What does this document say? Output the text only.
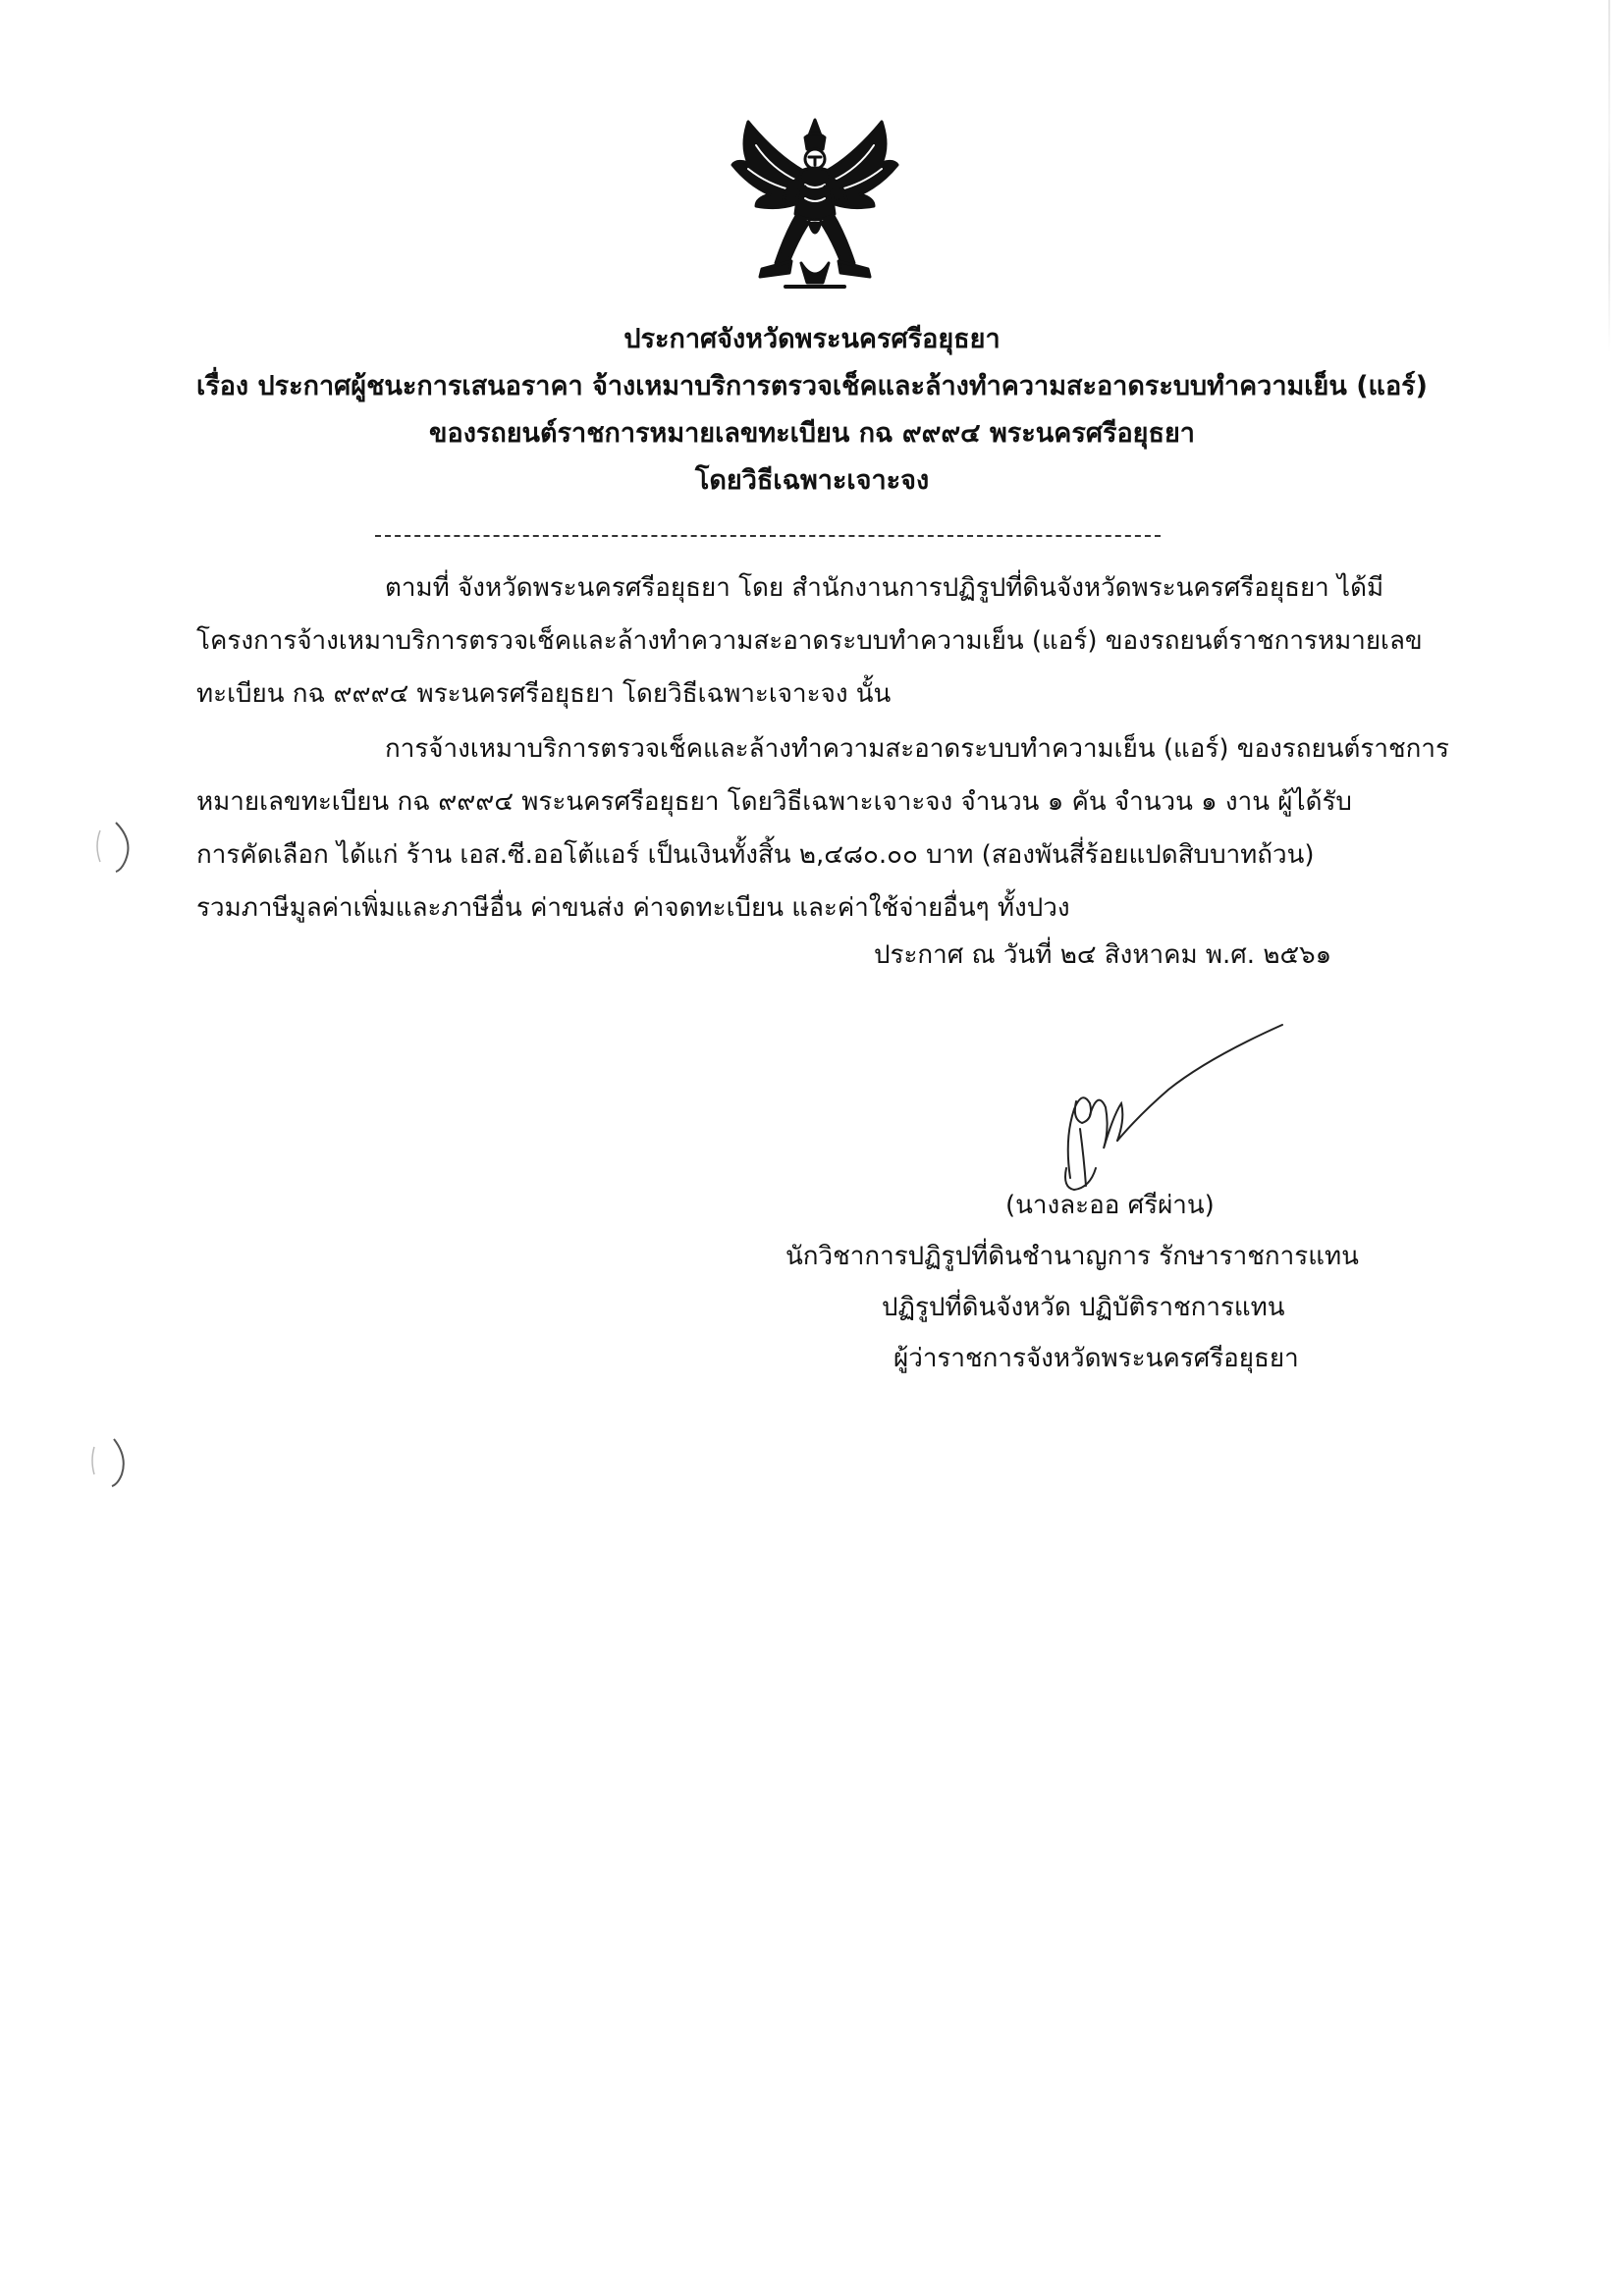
ประกาศจังหวัดพระนครศรีอยุธยา
เรื่อง ประกาศผู้ชนะการเสนอราคา จ้างเหมาบริการตรวจเช็คและล้างทำความสะอาดระบบทำความเย็น (แอร์)
ของรถยนต์ราชการหมายเลขทะเบียน กฉ ๙๙๙๔ พระนครศรีอยุธยา
โดยวิธีเฉพาะเจาะจง
ตามที่ จังหวัดพระนครศรีอยุธยา โดย สำนักงานการปฏิรูปที่ดินจังหวัดพระนครศรีอยุธยา ได้มี
โครงการจ้างเหมาบริการตรวจเช็คและล้างทำความสะอาดระบบทำความเย็น (แอร์) ของรถยนต์ราชการหมายเลข
ทะเบียน กฉ ๙๙๙๔ พระนครศรีอยุธยา โดยวิธีเฉพาะเจาะจง นั้น
การจ้างเหมาบริการตรวจเช็คและล้างทำความสะอาดระบบทำความเย็น (แอร์) ของรถยนต์ราชการ
หมายเลขทะเบียน กฉ ๙๙๙๔ พระนครศรีอยุธยา โดยวิธีเฉพาะเจาะจง จำนวน ๑ คัน จำนวน ๑ งาน ผู้ได้รับ
การคัดเลือก ได้แก่ ร้าน เอส.ซี.ออโต้แอร์ เป็นเงินทั้งสิ้น ๒,๔๘๐.๐๐ บาท (สองพันสี่ร้อยแปดสิบบาทถ้วน)
รวมภาษีมูลค่าเพิ่มและภาษีอื่น ค่าขนส่ง ค่าจดทะเบียน และค่าใช้จ่ายอื่นๆ ทั้งปวง
ประกาศ ณ วันที่ ๒๔ สิงหาคม พ.ศ. ๒๕๖๑
(นางละออ ศรีผ่าน)
นักวิชาการปฏิรูปที่ดินชำนาญการ รักษาราชการแทน
ปฏิรูปที่ดินจังหวัด ปฏิบัติราชการแทน
ผู้ว่าราชการจังหวัดพระนครศรีอยุธยา
